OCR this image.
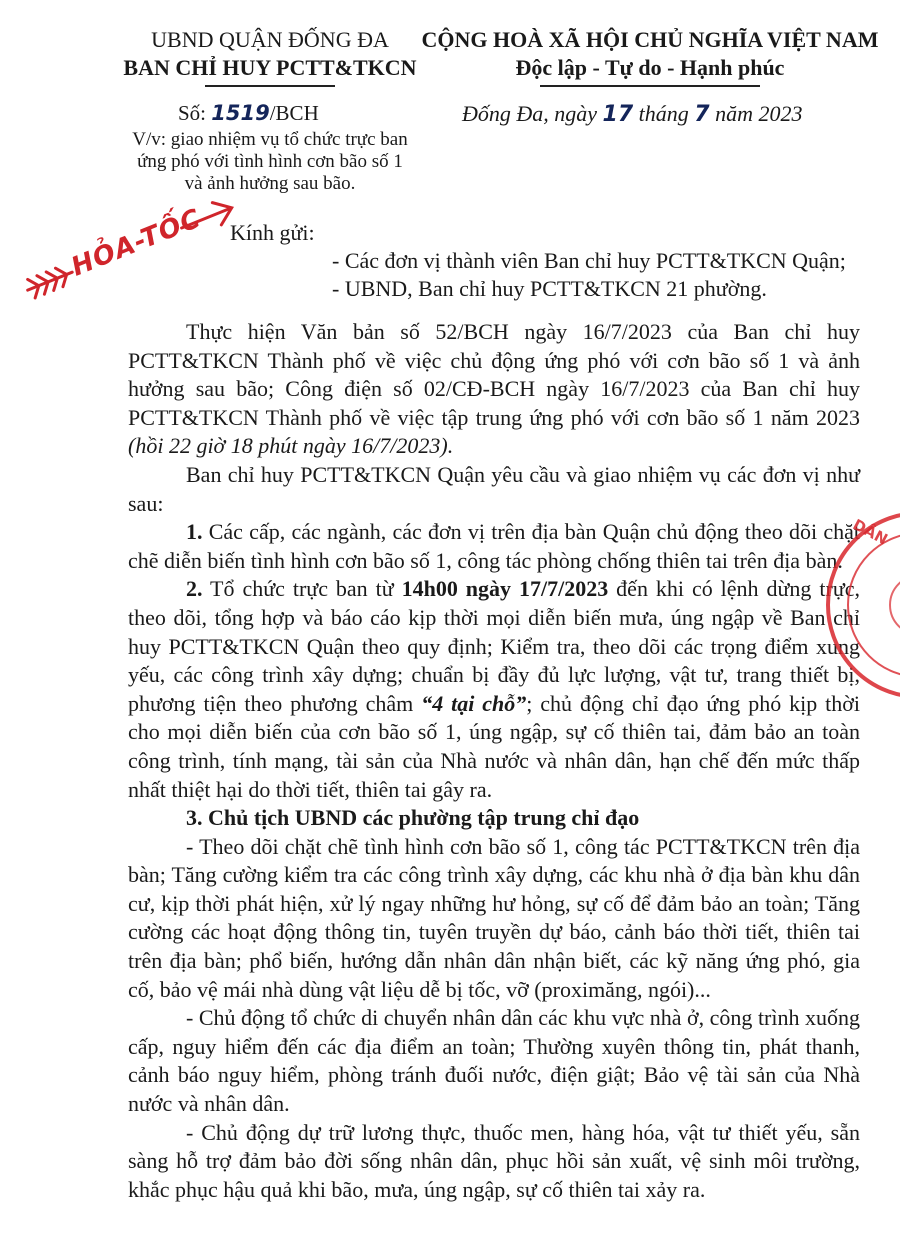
UBND QUẬN ĐỐNG ĐA
BAN CHỈ HUY PCTT&TKCN
CỘNG HOÀ XÃ HỘI CHỦ NGHĨA VIỆT NAM
Độc lập - Tự do - Hạnh phúc
Số: 1519/BCH
V/v: giao nhiệm vụ tổ chức trực ban
ứng phó với tình hình cơn bão số 1
và ảnh hưởng sau bão.
Đống Đa, ngày 17 tháng 7 năm 2023
HỎA-TỐC Kính gửi:
- Các đơn vị thành viên Ban chỉ huy PCTT&TKCN Quận;
- UBND, Ban chỉ huy PCTT&TKCN 21 phường.

Thực hiện Văn bản số 52/BCH ngày 16/7/2023 của Ban chỉ huy PCTT&TKCN Thành phố về việc chủ động ứng phó với cơn bão số 1 và ảnh hưởng sau bão; Công điện số 02/CĐ-BCH ngày 16/7/2023 của Ban chỉ huy PCTT&TKCN Thành phố về việc tập trung ứng phó với cơn bão số 1 năm 2023 (hồi 22 giờ 18 phút ngày 16/7/2023).

Ban chỉ huy PCTT&TKCN Quận yêu cầu và giao nhiệm vụ các đơn vị như sau:

1. Các cấp, các ngành, các đơn vị trên địa bàn Quận chủ động theo dõi chặt chẽ diễn biến tình hình cơn bão số 1, công tác phòng chống thiên tai trên địa bàn.

2. Tổ chức trực ban từ 14h00 ngày 17/7/2023 đến khi có lệnh dừng trực, theo dõi, tổng hợp và báo cáo kịp thời mọi diễn biến mưa, úng ngập về Ban chỉ huy PCTT&TKCN Quận theo quy định; Kiểm tra, theo dõi các trọng điểm xung yếu, các công trình xây dựng; chuẩn bị đầy đủ lực lượng, vật tư, trang thiết bị, phương tiện theo phương châm “4 tại chỗ”; chủ động chỉ đạo ứng phó kịp thời cho mọi diễn biến của cơn bão số 1, úng ngập, sự cố thiên tai, đảm bảo an toàn công trình, tính mạng, tài sản của Nhà nước và nhân dân, hạn chế đến mức thấp nhất thiệt hại do thời tiết, thiên tai gây ra.

3. Chủ tịch UBND các phường tập trung chỉ đạo

- Theo dõi chặt chẽ tình hình cơn bão số 1, công tác PCTT&TKCN trên địa bàn; Tăng cường kiểm tra các công trình xây dựng, các khu nhà ở địa bàn khu dân cư, kịp thời phát hiện, xử lý ngay những hư hỏng, sự cố để đảm bảo an toàn; Tăng cường các hoạt động thông tin, tuyên truyền dự báo, cảnh báo thời tiết, thiên tai trên địa bàn; phổ biến, hướng dẫn nhân dân nhận biết, các kỹ năng ứng phó, gia cố, bảo vệ mái nhà dùng vật liệu dễ bị tốc, vỡ (proximăng, ngói)...

- Chủ động tổ chức di chuyển nhân dân các khu vực nhà ở, công trình xuống cấp, nguy hiểm đến các địa điểm an toàn; Thường xuyên thông tin, phát thanh, cảnh báo nguy hiểm, phòng tránh đuối nước, điện giật; Bảo vệ tài sản của Nhà nước và nhân dân.

- Chủ động dự trữ lương thực, thuốc men, hàng hóa, vật tư thiết yếu, sẵn sàng hỗ trợ đảm bảo đời sống nhân dân, phục hồi sản xuất, vệ sinh môi trường, khắc phục hậu quả khi bão, mưa, úng ngập, sự cố thiên tai xảy ra.

DÂN
